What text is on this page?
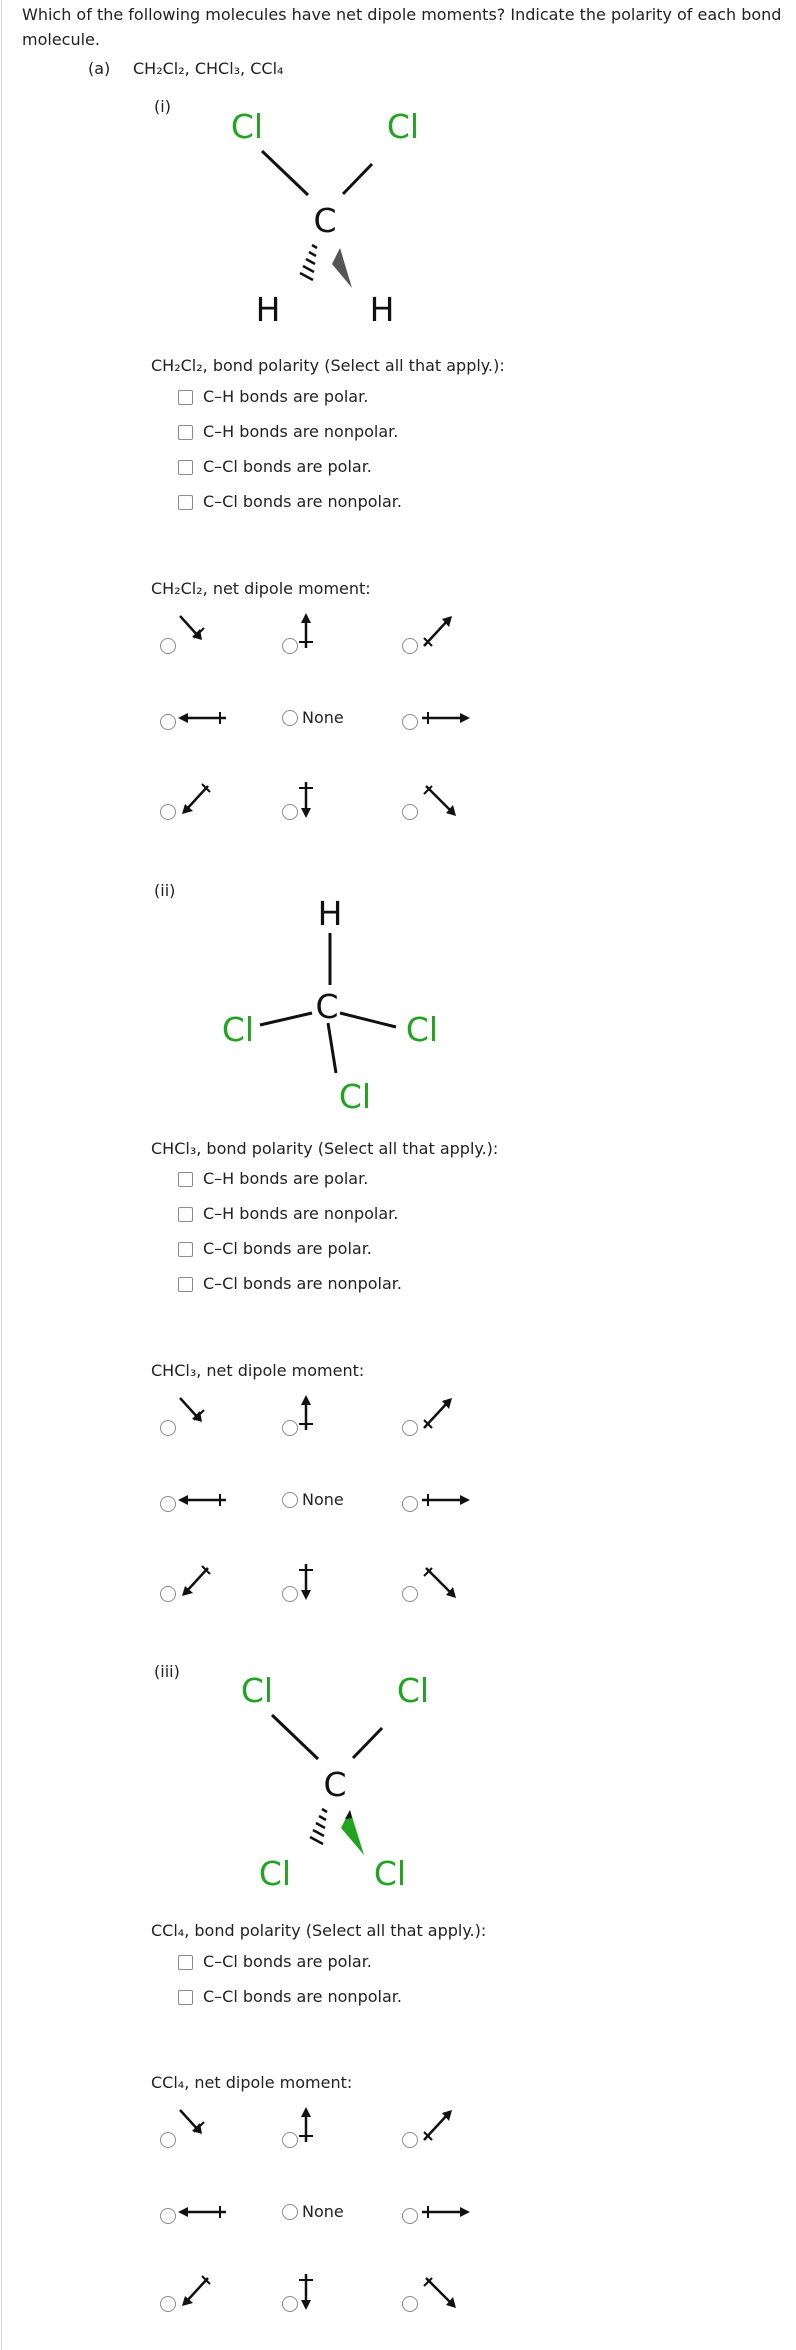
Which of the following molecules have net dipole moments? Indicate the polarity of each bond molecule.
(a) CH₂Cl₂, CHCl₃, CCl₄
(i)
Cl	Cl
C
H	H
CH₂Cl₂, bond polarity (Select all that apply.):
C–H bonds are polar.
C–H bonds are nonpolar.
C–Cl bonds are polar.
C–Cl bonds are nonpolar.
CH₂Cl₂, net dipole moment:
None
(ii)
H
Cl
C
Cl
Cl
CHCl₃, bond polarity (Select all that apply.):
C–H bonds are polar.
C–H bonds are nonpolar.
C–Cl bonds are polar.
C–Cl bonds are nonpolar.
CHCl₃, net dipole moment:
None
(iii) Cl	Cl
C
Cl	Cl
CCl₄, bond polarity (Select all that apply.):
C–Cl bonds are polar.
C–Cl bonds are nonpolar.
CCl₄, net dipole moment:
None
